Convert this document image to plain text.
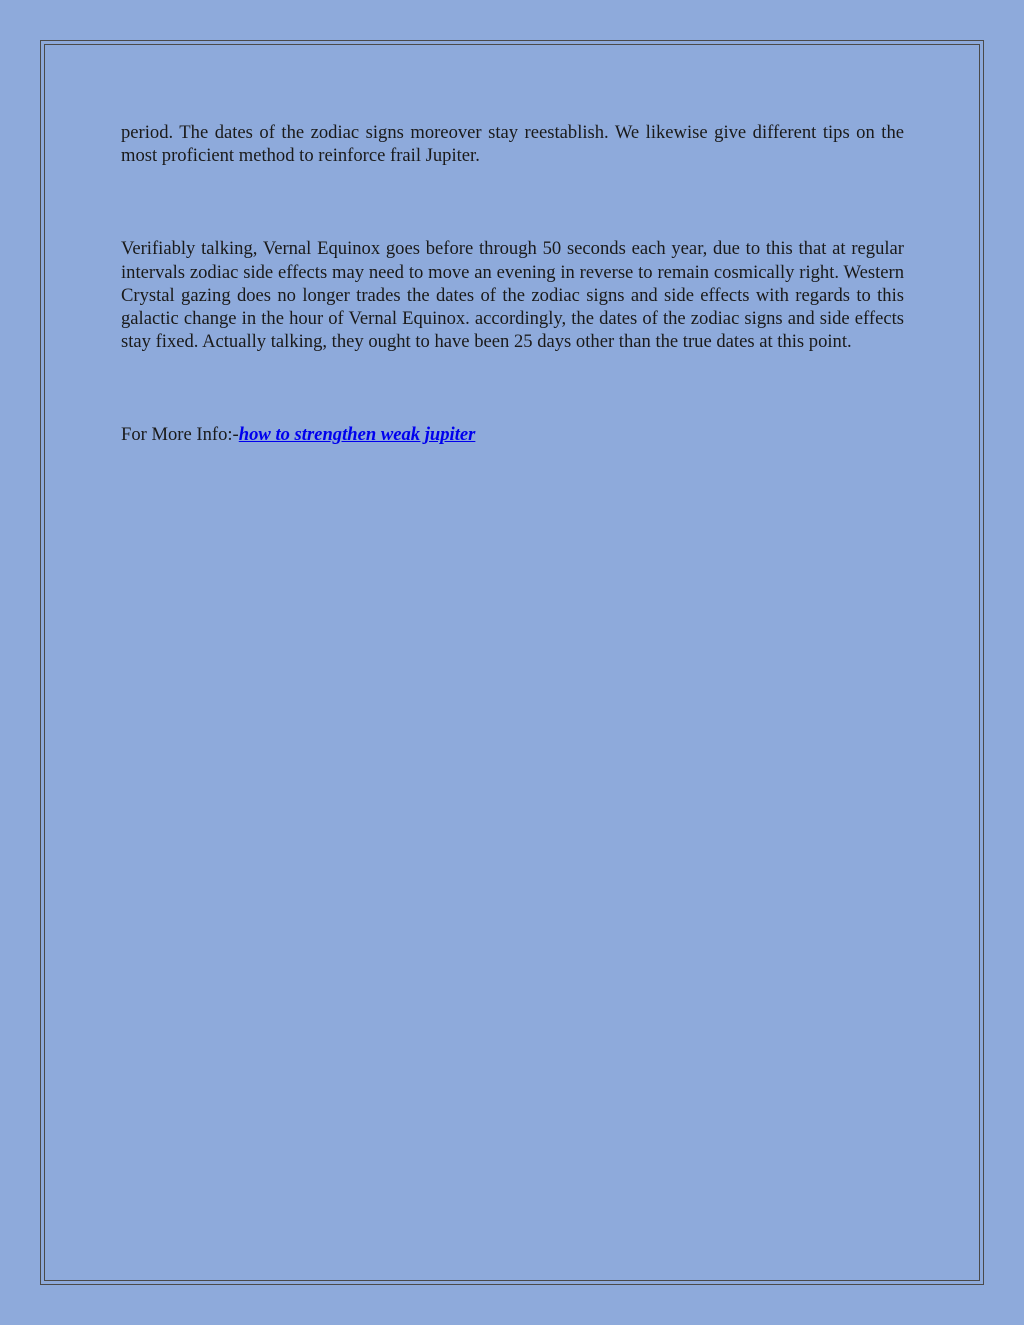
period. The dates of the zodiac signs moreover stay reestablish. We likewise give different tips on the most proficient method to reinforce frail Jupiter.

Verifiably talking, Vernal Equinox goes before through 50 seconds each year, due to this that at regular intervals zodiac side effects may need to move an evening in reverse to remain cosmically right. Western Crystal gazing does no longer trades the dates of the zodiac signs and side effects with regards to this galactic change in the hour of Vernal Equinox. accordingly, the dates of the zodiac signs and side effects stay fixed. Actually talking, they ought to have been 25 days other than the true dates at this point.

For More Info:-how to strengthen weak jupiter
